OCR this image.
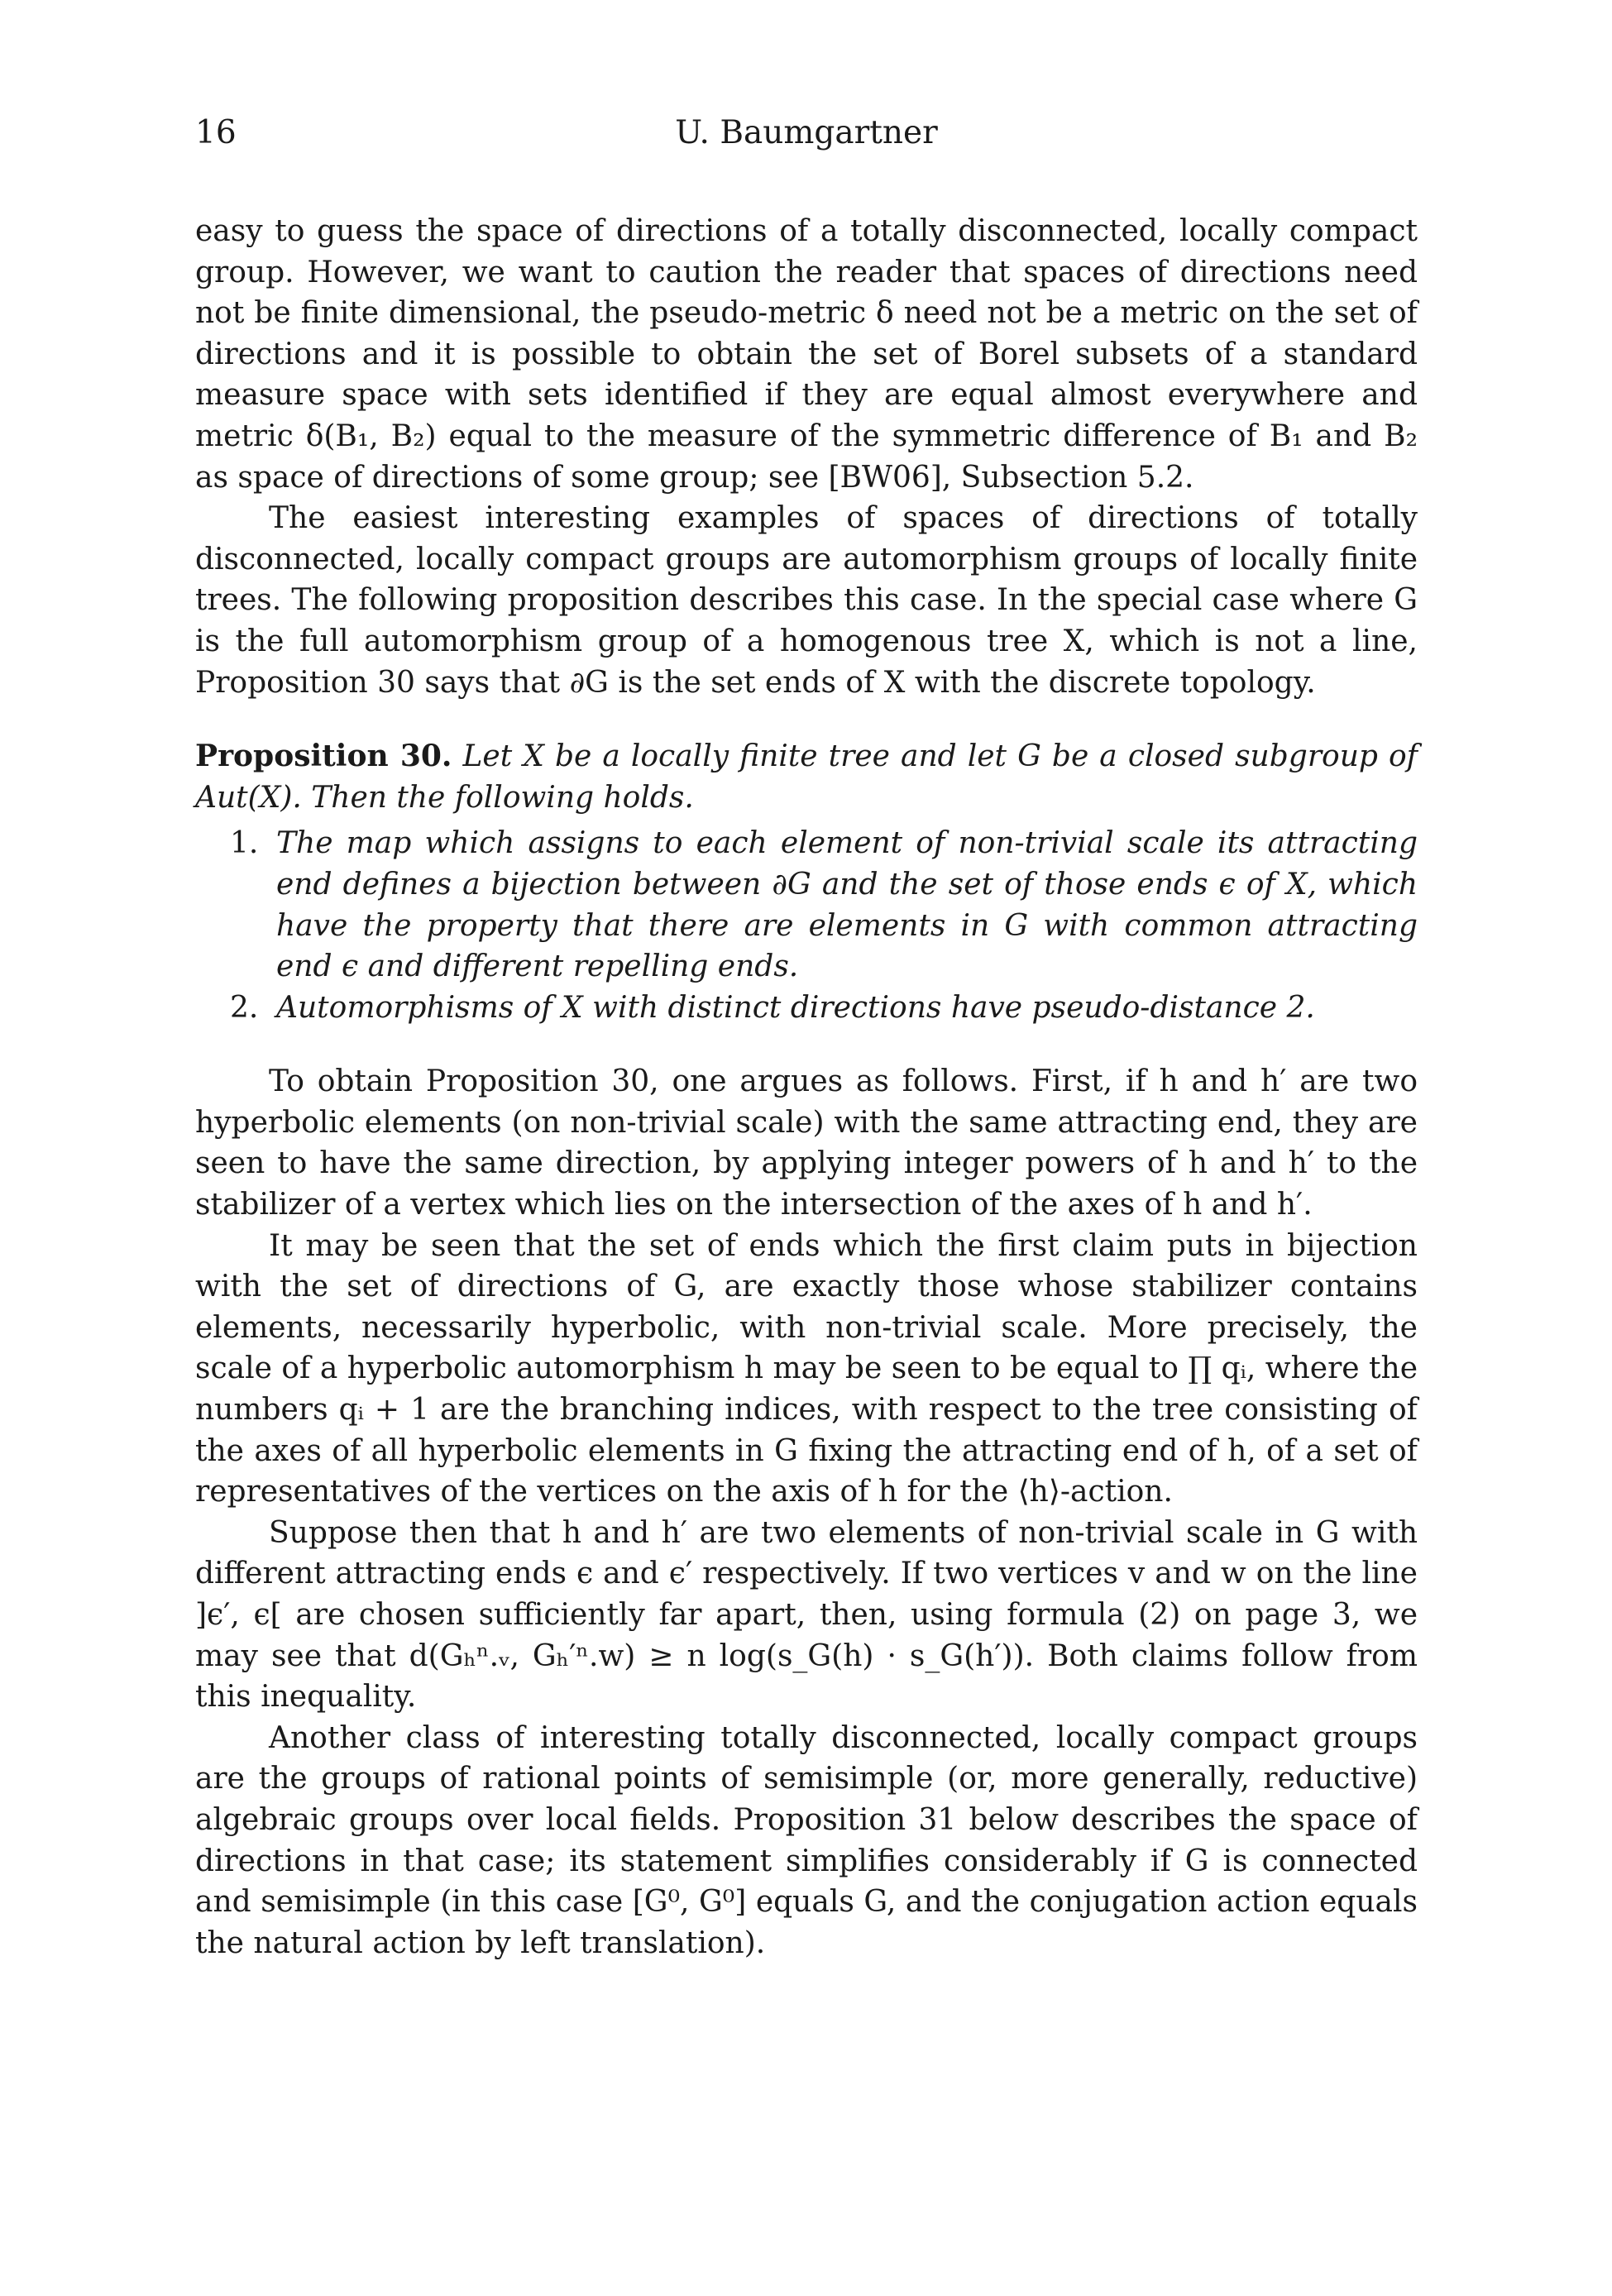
16	U. Baumgartner

easy to guess the space of directions of a totally disconnected, locally compact group. However, we want to caution the reader that spaces of directions need not be finite dimensional, the pseudo-metric δ need not be a metric on the set of directions and it is possible to obtain the set of Borel subsets of a standard measure space with sets identified if they are equal almost everywhere and metric δ(B₁, B₂) equal to the measure of the symmetric difference of B₁ and B₂ as space of directions of some group; see [BW06], Subsection 5.2.

The easiest interesting examples of spaces of directions of totally disconnected, locally compact groups are automorphism groups of locally finite trees. The following proposition describes this case. In the special case where G is the full automorphism group of a homogenous tree X, which is not a line, Proposition 30 says that ∂G is the set ends of X with the discrete topology.

Proposition 30. Let X be a locally finite tree and let G be a closed subgroup of Aut(X). Then the following holds.

1. The map which assigns to each element of non-trivial scale its attracting end defines a bijection between ∂G and the set of those ends ϵ of X, which have the property that there are elements in G with common attracting end ϵ and different repelling ends.
2. Automorphisms of X with distinct directions have pseudo-distance 2.

To obtain Proposition 30, one argues as follows. First, if h and h′ are two hyperbolic elements (on non-trivial scale) with the same attracting end, they are seen to have the same direction, by applying integer powers of h and h′ to the stabilizer of a vertex which lies on the intersection of the axes of h and h′.

It may be seen that the set of ends which the first claim puts in bijection with the set of directions of G, are exactly those whose stabilizer contains elements, necessarily hyperbolic, with non-trivial scale. More precisely, the scale of a hyperbolic automorphism h may be seen to be equal to ∏ qᵢ, where the numbers qᵢ + 1 are the branching indices, with respect to the tree consisting of the axes of all hyperbolic elements in G fixing the attracting end of h, of a set of representatives of the vertices on the axis of h for the ⟨h⟩-action.

Suppose then that h and h′ are two elements of non-trivial scale in G with different attracting ends ϵ and ϵ′ respectively. If two vertices v and w on the line ]ϵ′, ϵ[ are chosen sufficiently far apart, then, using formula (2) on page 3, we may see that d(Gₕⁿ.ᵥ, Gₕ′ⁿ.w) ≥ n log(s_G(h) · s_G(h′)). Both claims follow from this inequality.

Another class of interesting totally disconnected, locally compact groups are the groups of rational points of semisimple (or, more generally, reductive) algebraic groups over local fields. Proposition 31 below describes the space of directions in that case; its statement simplifies considerably if G is connected and semisimple (in this case [G⁰, G⁰] equals G, and the conjugation action equals the natural action by left translation).
